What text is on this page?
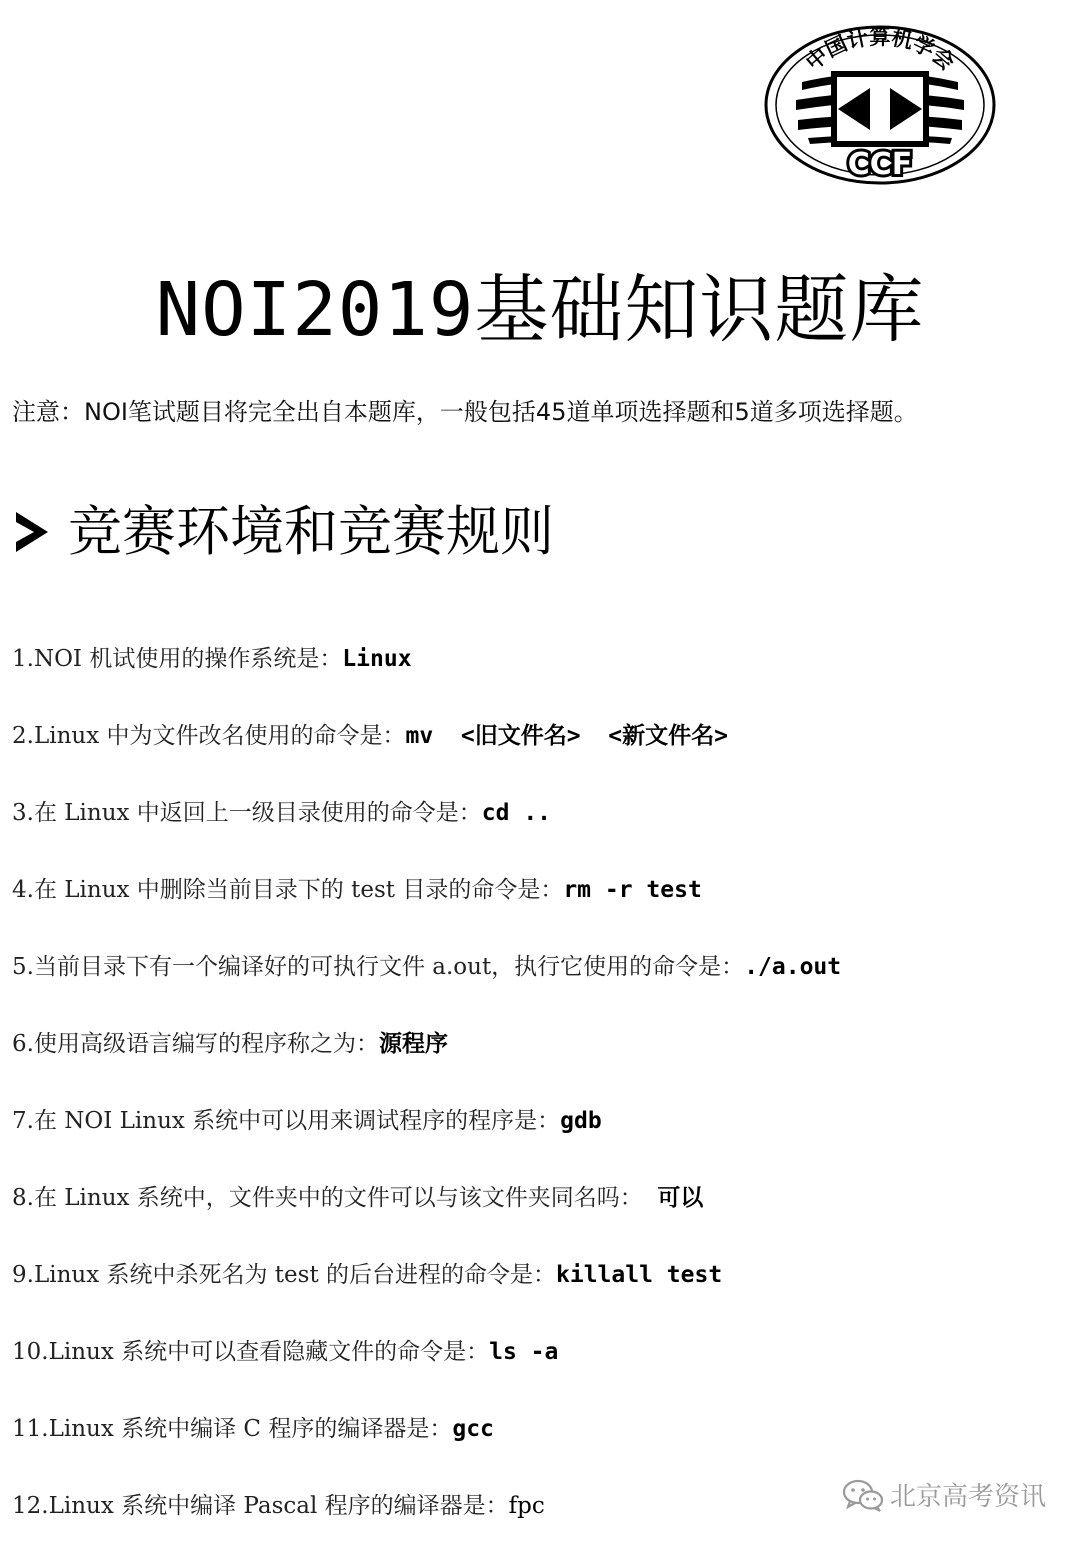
中国计算机学会
CCF
NOI2019基础知识题库
注意：NOI笔试题目将完全出自本题库，一般包括45道单项选择题和5道多项选择题。
竞赛环境和竞赛规则
1.NOI 机试使用的操作系统是：Linux
2.Linux 中为文件改名使用的命令是：mv  <旧文件名>  <新文件名>
3.在 Linux 中返回上一级目录使用的命令是：cd ..
4.在 Linux 中删除当前目录下的 test 目录的命令是：rm -r test
5.当前目录下有一个编译好的可执行文件 a.out，执行它使用的命令是：./a.out
6.使用高级语言编写的程序称之为：源程序
7.在 NOI Linux 系统中可以用来调试程序的程序是：gdb
8.在 Linux 系统中，文件夹中的文件可以与该文件夹同名吗：  可以
9.Linux 系统中杀死名为 test 的后台进程的命令是：killall test
10.Linux 系统中可以查看隐藏文件的命令是：ls -a
11.Linux 系统中编译 C 程序的编译器是：gcc
12.Linux 系统中编译 Pascal 程序的编译器是：fpc	北京高考资讯
